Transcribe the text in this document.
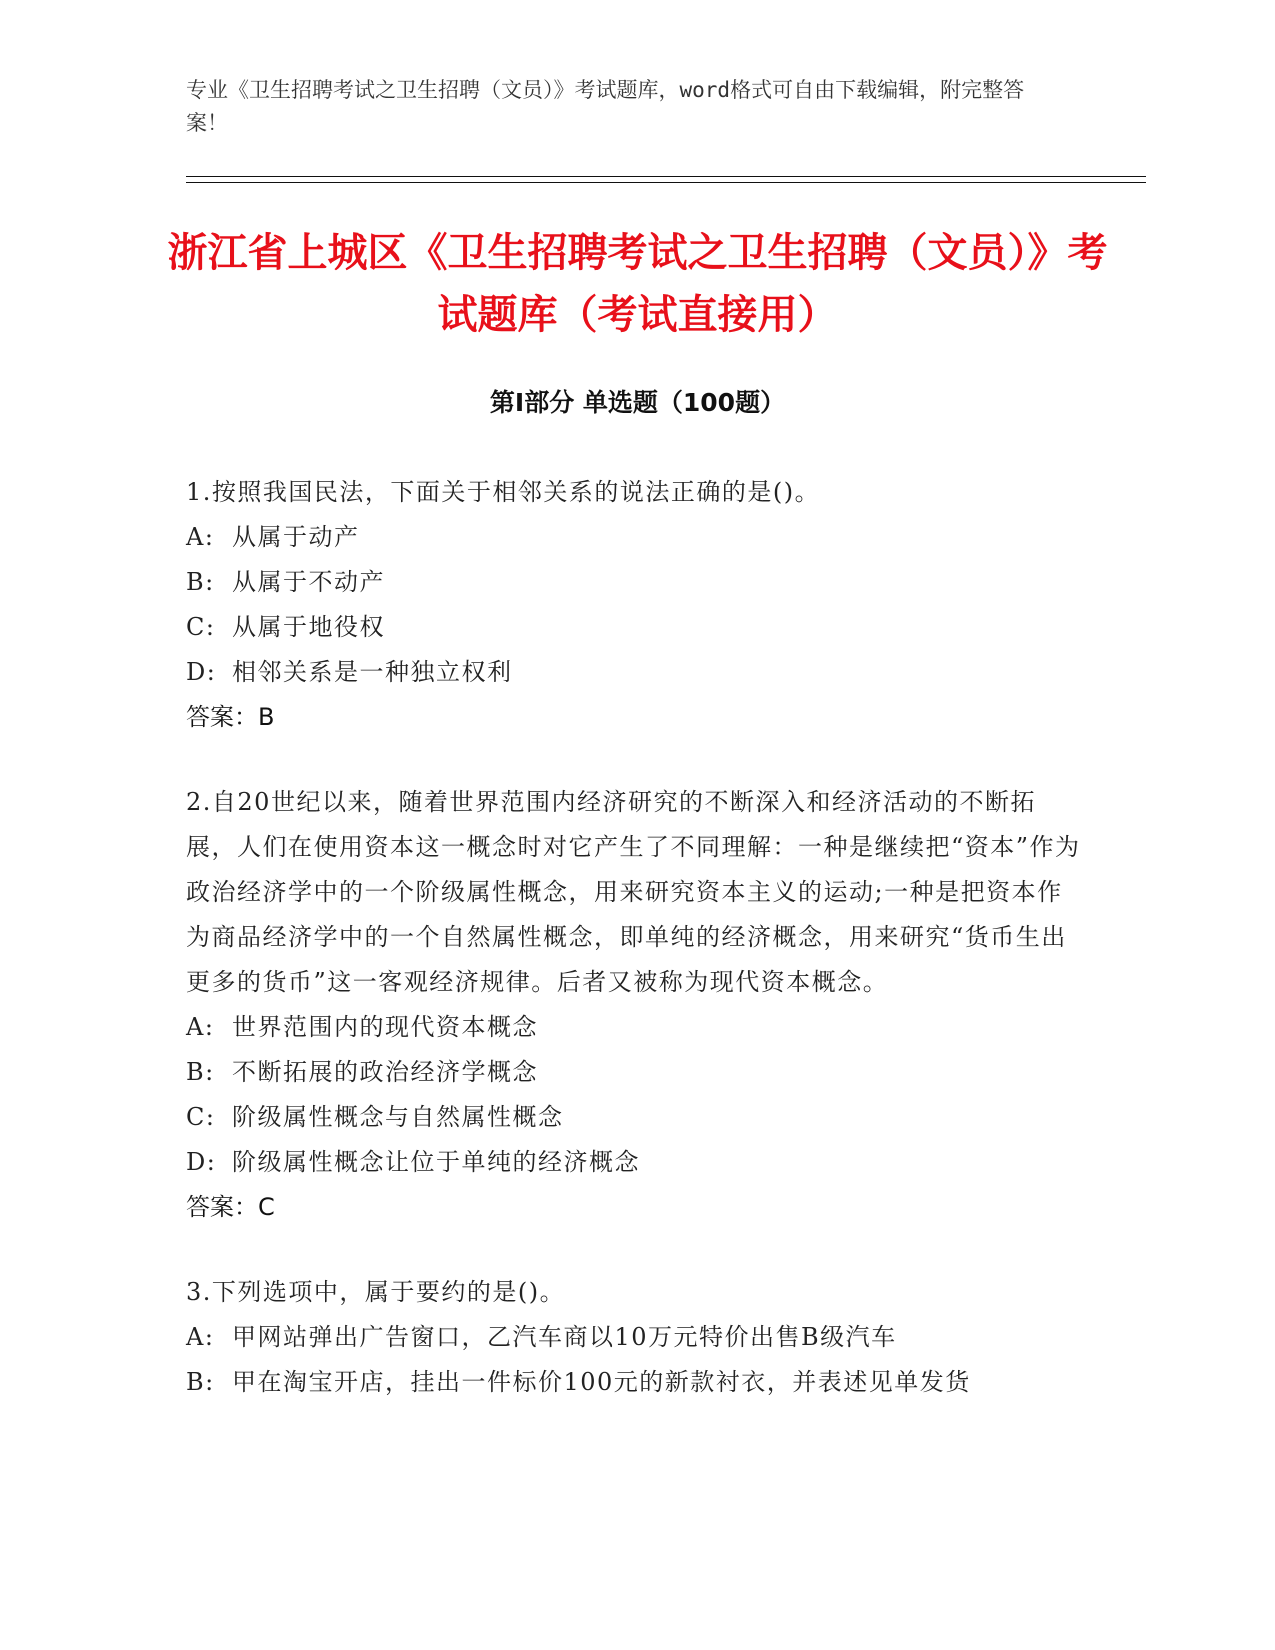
专业《卫生招聘考试之卫生招聘（文员）》考试题库，word格式可自由下载编辑，附完整答案！
浙江省上城区《卫生招聘考试之卫生招聘（文员）》考试题库（考试直接用）
第Ⅰ部分 单选题（100题）
1.按照我国民法，下面关于相邻关系的说法正确的是()。
A: 从属于动产
B: 从属于不动产
C: 从属于地役权
D: 相邻关系是一种独立权利
答案：B
2.自20世纪以来，随着世界范围内经济研究的不断深入和经济活动的不断拓展，人们在使用资本这一概念时对它产生了不同理解：一种是继续把“资本”作为政治经济学中的一个阶级属性概念，用来研究资本主义的运动;一种是把资本作为商品经济学中的一个自然属性概念，即单纯的经济概念，用来研究“货币生出更多的货币”这一客观经济规律。后者又被称为现代资本概念。
A: 世界范围内的现代资本概念
B: 不断拓展的政治经济学概念
C: 阶级属性概念与自然属性概念
D: 阶级属性概念让位于单纯的经济概念
答案：C
3.下列选项中，属于要约的是()。
A: 甲网站弹出广告窗口，乙汽车商以10万元特价出售B级汽车
B: 甲在淘宝开店，挂出一件标价100元的新款衬衣，并表述见单发货
